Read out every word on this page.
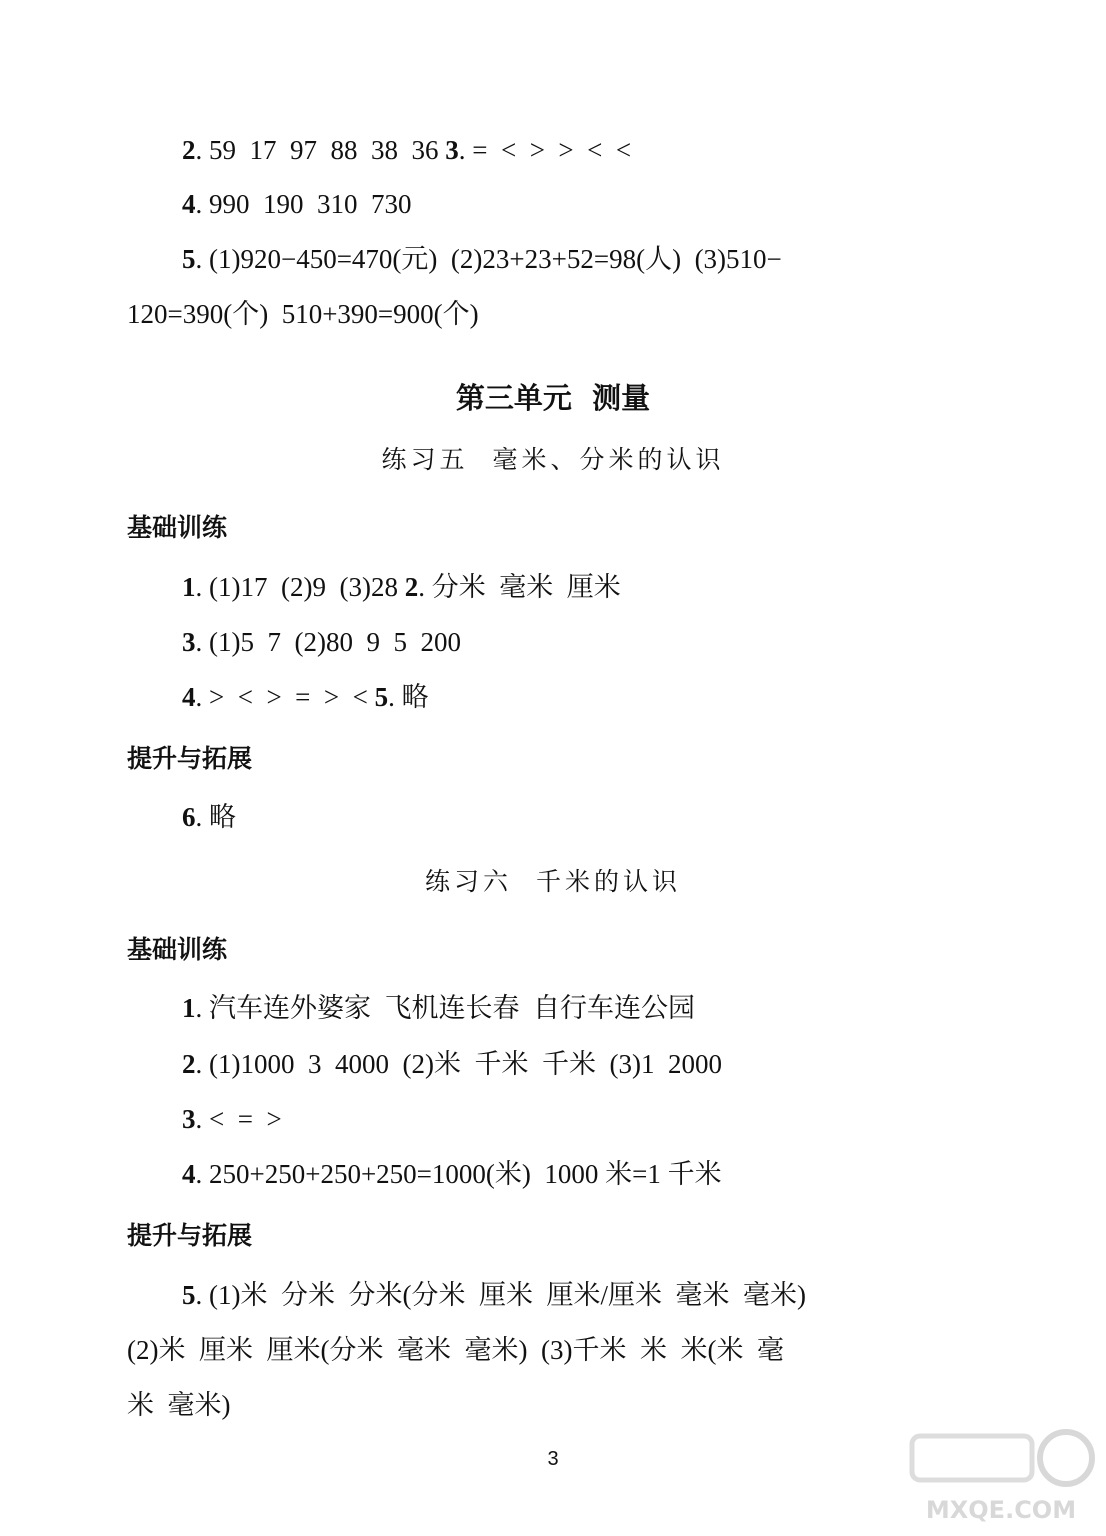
2. 59  17  97  88  38  36 3. =  <  >  >  <  <
4. 990  190  310  730
5. (1)920−450=470(元)  (2)23+23+52=98(人)  (3)510−
120=390(个)  510+390=900(个)
第三单元  测量
练习五  毫米、分米的认识
基础训练
1. (1)17  (2)9  (3)28 2. 分米  毫米  厘米
3. (1)5  7  (2)80  9  5  200
4. >  <  >  =  >  < 5. 略
提升与拓展
6. 略
练习六  千米的认识
基础训练
1. 汽车连外婆家  飞机连长春  自行车连公园
2. (1)1000  3  4000  (2)米  千米  千米  (3)1  2000
3. <  =  >
4. 250+250+250+250=1000(米)  1000 米=1 千米
提升与拓展
5. (1)米  分米  分米(分米  厘米  厘米/厘米  毫米  毫米)
(2)米  厘米  厘米(分米  毫米  毫米)  (3)千米  米  米(米  毫
米  毫米)
3
MXQE.COM
